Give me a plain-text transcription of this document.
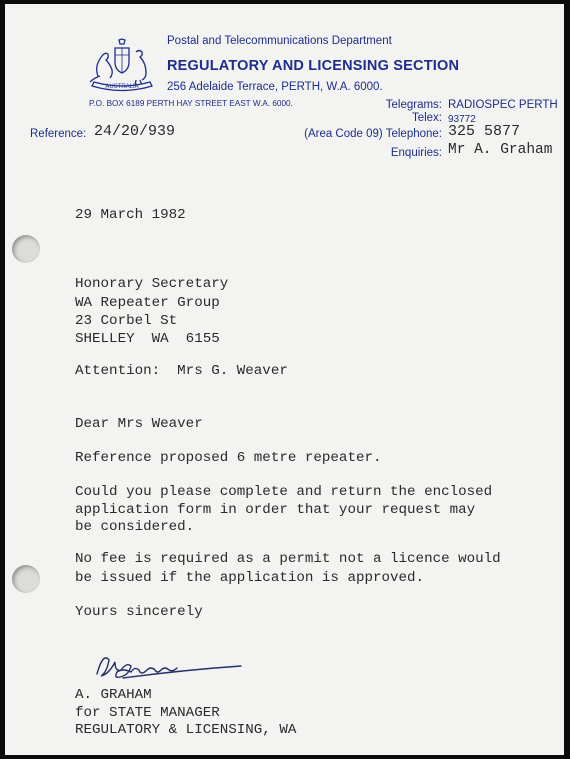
AUSTRALIA
Postal and Telecommunications Department
REGULATORY AND LICENSING SECTION
256 Adelaide Terrace, PERTH, W.A. 6000.
P.O. BOX 6189 PERTH HAY STREET EAST W.A. 6000.	Telegrams: RADIOSPEC PERTH
Telex: 93772
(Area Code 09) Telephone: 325 5877
Enquiries: Mr A. Graham
Reference: 24/20/939
29 March 1982
Honorary Secretary
WA Repeater Group
23 Corbel St
SHELLEY  WA  6155
Attention:  Mrs G. Weaver
Dear Mrs Weaver
Reference proposed 6 metre repeater.
Could you please complete and return the enclosed
application form in order that your request may
be considered.
No fee is required as a permit not a licence would
be issued if the application is approved.
Yours sincerely
A. GRAHAM
for STATE MANAGER
REGULATORY & LICENSING, WA
